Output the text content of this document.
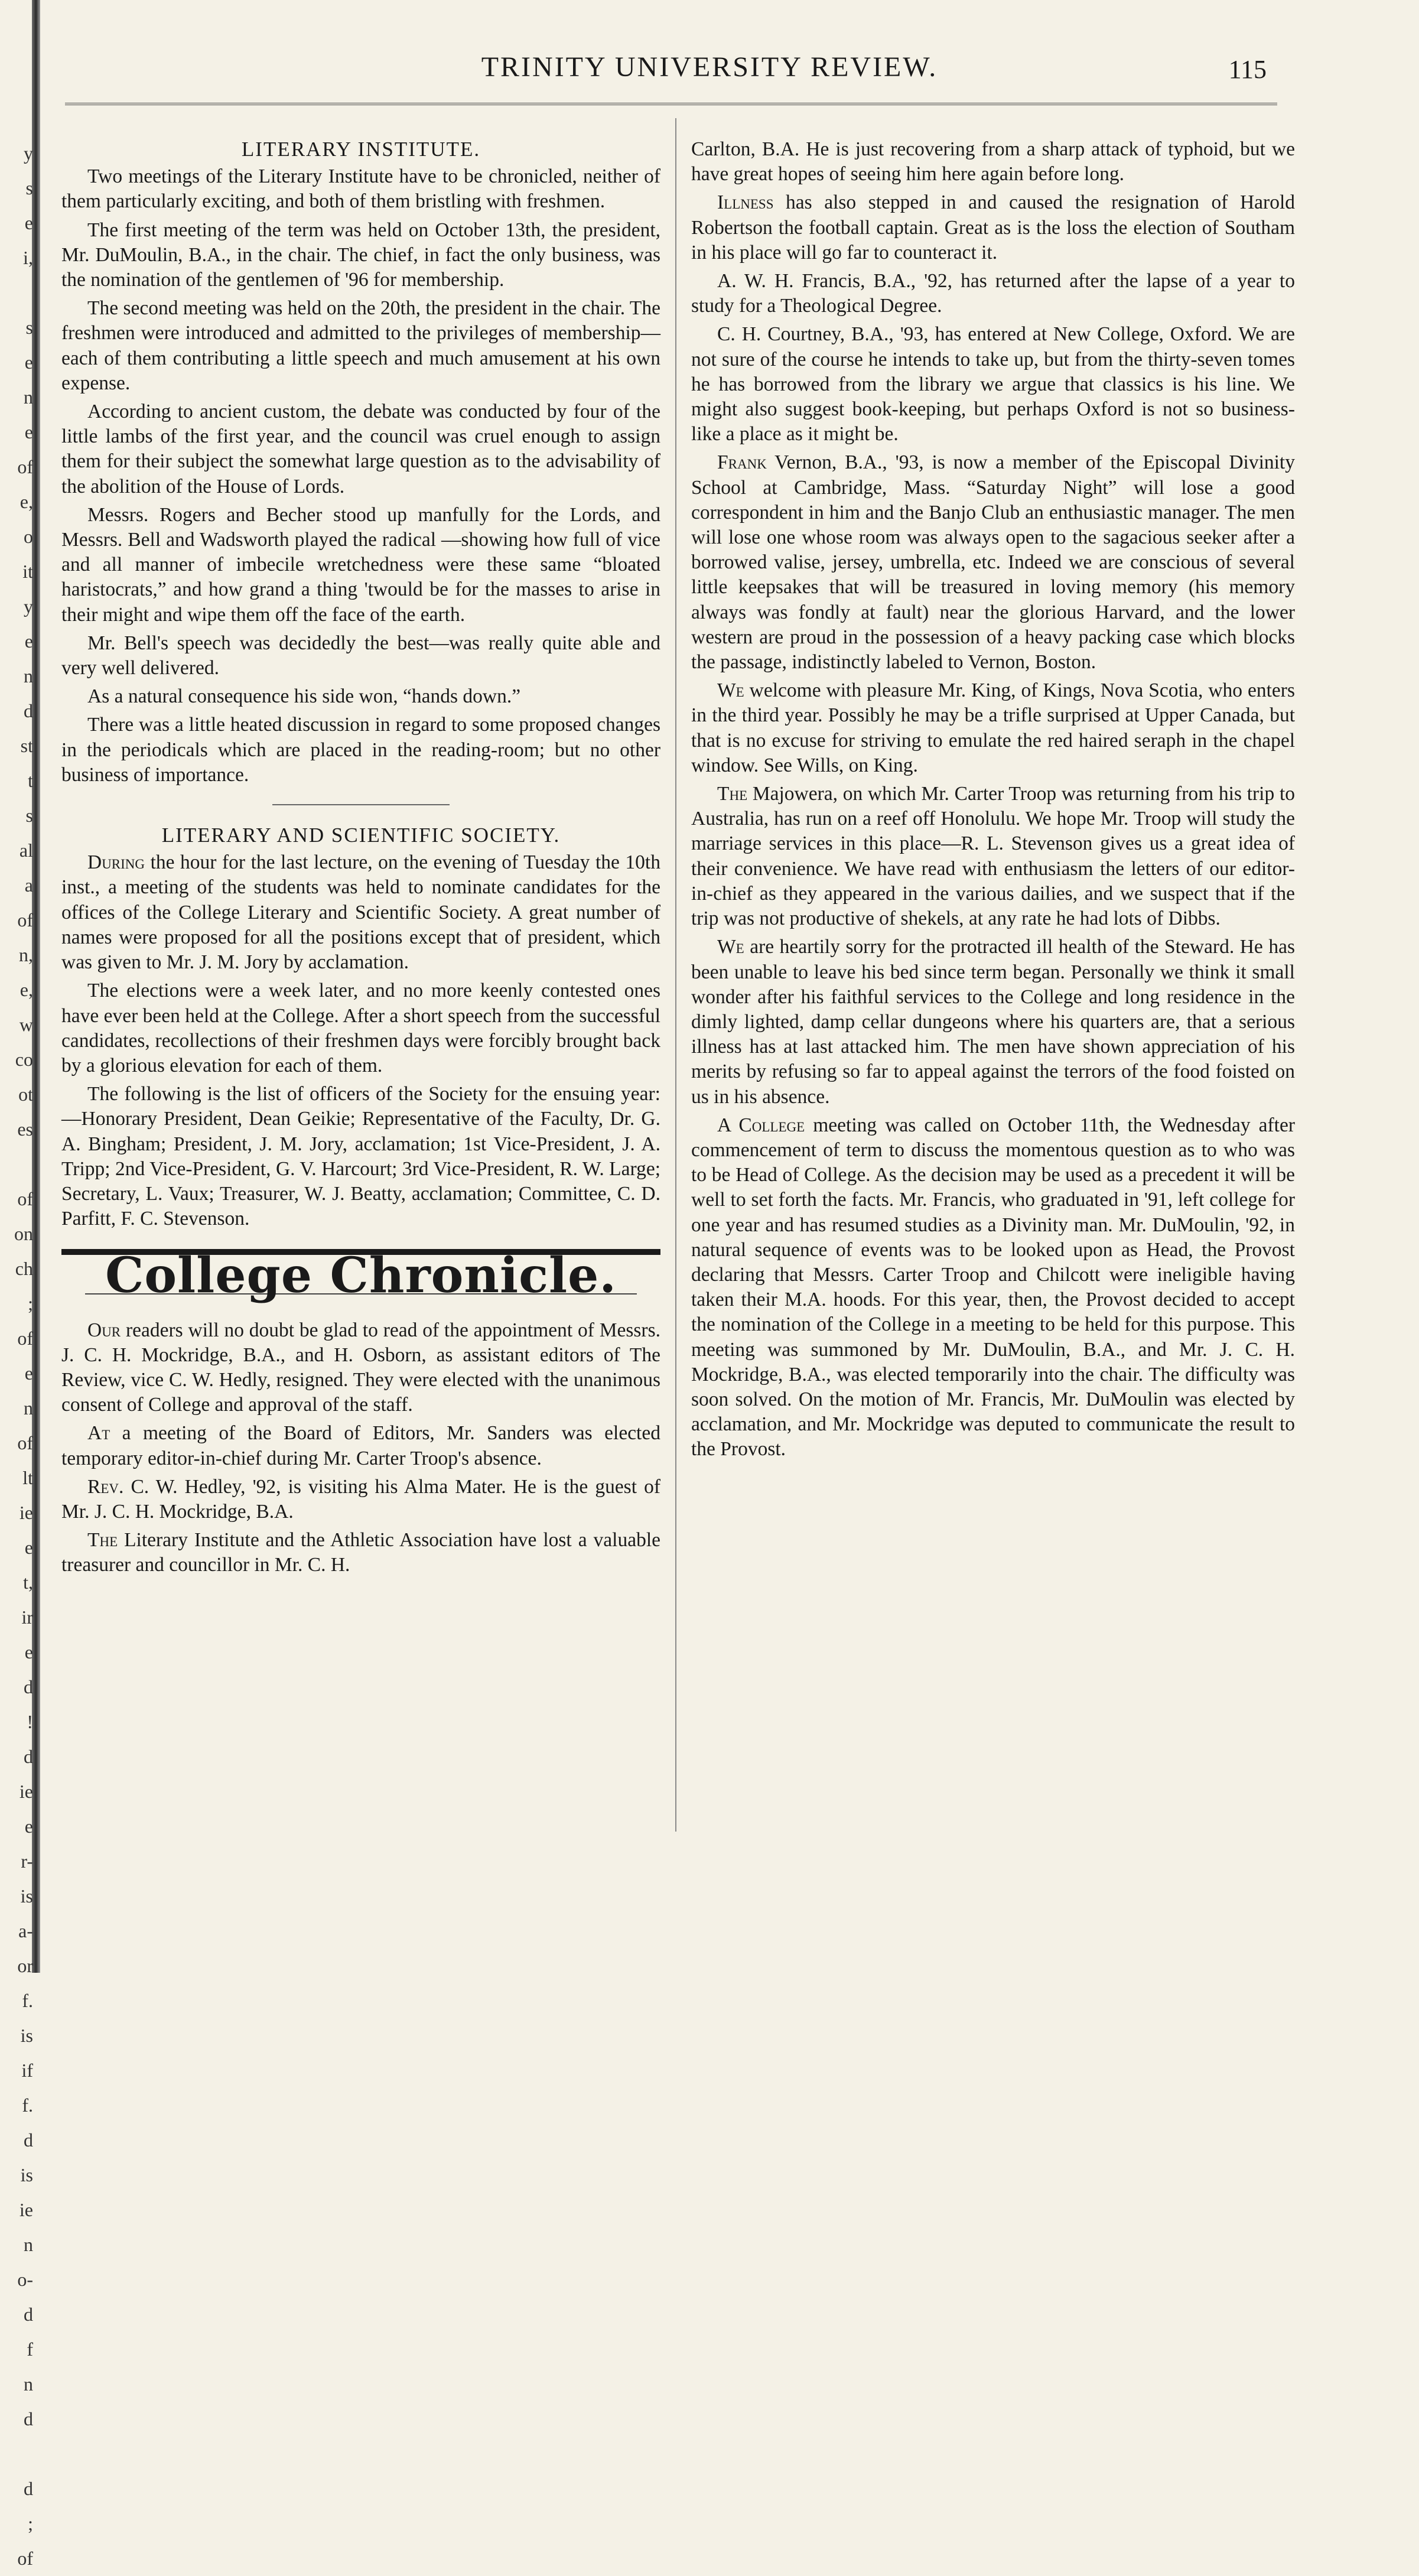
y
s
e
i,
s
e
n
e
of
e,
o
it
y
e
n
d
st
t
s
al
a
of
n,
e,
w
co
ot
es
of
on
ch
;
of
e
n
of
lt
ie
e
t,
ir
e
d
!
d
ie
e
r-
is
a-
or
f.
is
if
f.
d
is
ie
n
o-
d
f
n
d
d
;
of
TRINITY UNIVERSITY REVIEW.	115
LITERARY INSTITUTE.

Two meetings of the Literary Institute have to be chronicled, neither of them particularly exciting, and both of them bristling with freshmen.

The first meeting of the term was held on October 13th, the president, Mr. DuMoulin, B.A., in the chair. The chief, in fact the only business, was the nomination of the gentlemen of '96 for membership.

The second meeting was held on the 20th, the president in the chair. The freshmen were introduced and admitted to the privileges of membership—each of them contributing a little speech and much amusement at his own expense.

According to ancient custom, the debate was conducted by four of the little lambs of the first year, and the council was cruel enough to assign them for their subject the somewhat large question as to the advisability of the abolition of the House of Lords.

Messrs. Rogers and Becher stood up manfully for the Lords, and Messrs. Bell and Wadsworth played the radical —showing how full of vice and all manner of imbecile wretchedness were these same “bloated haristocrats,” and how grand a thing 'twould be for the masses to arise in their might and wipe them off the face of the earth.

Mr. Bell's speech was decidedly the best—was really quite able and very well delivered.

As a natural consequence his side won, “hands down.”

There was a little heated discussion in regard to some proposed changes in the periodicals which are placed in the reading-room; but no other business of importance.

LITERARY AND SCIENTIFIC SOCIETY.

During the hour for the last lecture, on the evening of Tuesday the 10th inst., a meeting of the students was held to nominate candidates for the offices of the College Literary and Scientific Society. A great number of names were proposed for all the positions except that of president, which was given to Mr. J. M. Jory by acclamation.

The elections were a week later, and no more keenly contested ones have ever been held at the College. After a short speech from the successful candidates, recollections of their freshmen days were forcibly brought back by a glorious elevation for each of them.

The following is the list of officers of the Society for the ensuing year:—Honorary President, Dean Geikie; Representative of the Faculty, Dr. G. A. Bingham; President, J. M. Jory, acclamation; 1st Vice-President, J. A. Tripp; 2nd Vice-President, G. V. Harcourt; 3rd Vice-President, R. W. Large; Secretary, L. Vaux; Treasurer, W. J. Beatty, acclamation; Committee, C. D. Parfitt, F. C. Stevenson.

College Chronicle.

Our readers will no doubt be glad to read of the appointment of Messrs. J. C. H. Mockridge, B.A., and H. Osborn, as assistant editors of The Review, vice C. W. Hedly, resigned. They were elected with the unanimous consent of College and approval of the staff.

At a meeting of the Board of Editors, Mr. Sanders was elected temporary editor-in-chief during Mr. Carter Troop's absence.

Rev. C. W. Hedley, '92, is visiting his Alma Mater. He is the guest of Mr. J. C. H. Mockridge, B.A.

The Literary Institute and the Athletic Association have lost a valuable treasurer and councillor in Mr. C. H.

Carlton, B.A. He is just recovering from a sharp attack of typhoid, but we have great hopes of seeing him here again before long.

Illness has also stepped in and caused the resignation of Harold Robertson the football captain. Great as is the loss the election of Southam in his place will go far to counteract it.

A. W. H. Francis, B.A., '92, has returned after the lapse of a year to study for a Theological Degree.

C. H. Courtney, B.A., '93, has entered at New College, Oxford. We are not sure of the course he intends to take up, but from the thirty-seven tomes he has borrowed from the library we argue that classics is his line. We might also suggest book-keeping, but perhaps Oxford is not so business-like a place as it might be.

Frank Vernon, B.A., '93, is now a member of the Episcopal Divinity School at Cambridge, Mass. “Saturday Night” will lose a good correspondent in him and the Banjo Club an enthusiastic manager. The men will lose one whose room was always open to the sagacious seeker after a borrowed valise, jersey, umbrella, etc. Indeed we are conscious of several little keepsakes that will be treasured in loving memory (his memory always was fondly at fault) near the glorious Harvard, and the lower western are proud in the possession of a heavy packing case which blocks the passage, indistinctly labeled to Vernon, Boston.

We welcome with pleasure Mr. King, of Kings, Nova Scotia, who enters in the third year. Possibly he may be a trifle surprised at Upper Canada, but that is no excuse for striving to emulate the red haired seraph in the chapel window. See Wills, on King.

The Majowera, on which Mr. Carter Troop was returning from his trip to Australia, has run on a reef off Honolulu. We hope Mr. Troop will study the marriage services in this place—R. L. Stevenson gives us a great idea of their convenience. We have read with enthusiasm the letters of our editor-in-chief as they appeared in the various dailies, and we suspect that if the trip was not productive of shekels, at any rate he had lots of Dibbs.

We are heartily sorry for the protracted ill health of the Steward. He has been unable to leave his bed since term began. Personally we think it small wonder after his faithful services to the College and long residence in the dimly lighted, damp cellar dungeons where his quarters are, that a serious illness has at last attacked him. The men have shown appreciation of his merits by refusing so far to appeal against the terrors of the food foisted on us in his absence.

A College meeting was called on October 11th, the Wednesday after commencement of term to discuss the momentous question as to who was to be Head of College. As the decision may be used as a precedent it will be well to set forth the facts. Mr. Francis, who graduated in '91, left college for one year and has resumed studies as a Divinity man. Mr. DuMoulin, '92, in natural sequence of events was to be looked upon as Head, the Provost declaring that Messrs. Carter Troop and Chilcott were ineligible having taken their M.A. hoods. For this year, then, the Provost decided to accept the nomination of the College in a meeting to be held for this purpose. This meeting was summoned by Mr. DuMoulin, B.A., and Mr. J. C. H. Mockridge, B.A., was elected temporarily into the chair. The difficulty was soon solved. On the motion of Mr. Francis, Mr. DuMoulin was elected by acclamation, and Mr. Mockridge was deputed to communicate the result to the Provost.
